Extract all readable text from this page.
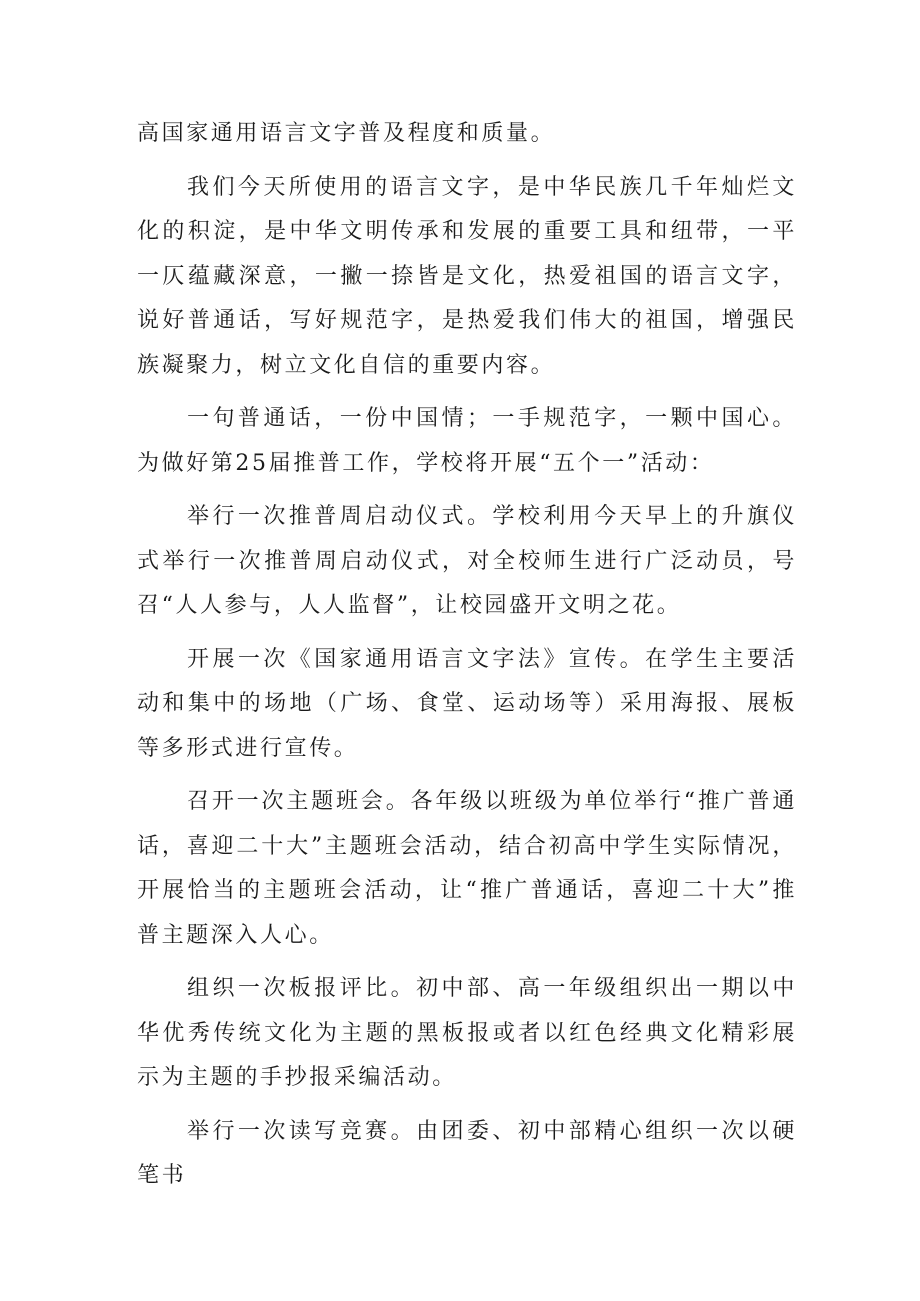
高国家通用语言文字普及程度和质量。

我们今天所使用的语言文字，是中华民族几千年灿烂文化的积淀，是中华文明传承和发展的重要工具和纽带，一平一仄蕴藏深意，一撇一捺皆是文化，热爱祖国的语言文字，说好普通话，写好规范字，是热爱我们伟大的祖国，增强民族凝聚力，树立文化自信的重要内容。

一句普通话，一份中国情；一手规范字，一颗中国心。为做好第25届推普工作，学校将开展“五个一”活动：

举行一次推普周启动仪式。学校利用今天早上的升旗仪式举行一次推普周启动仪式，对全校师生进行广泛动员，号召“人人参与，人人监督”，让校园盛开文明之花。

开展一次《国家通用语言文字法》宣传。在学生主要活动和集中的场地（广场、食堂、运动场等）采用海报、展板等多形式进行宣传。

召开一次主题班会。各年级以班级为单位举行“推广普通话，喜迎二十大”主题班会活动，结合初高中学生实际情况，开展恰当的主题班会活动，让“推广普通话，喜迎二十大”推普主题深入人心。

组织一次板报评比。初中部、高一年级组织出一期以中华优秀传统文化为主题的黑板报或者以红色经典文化精彩展示为主题的手抄报采编活动。

举行一次读写竞赛。由团委、初中部精心组织一次以硬笔书
